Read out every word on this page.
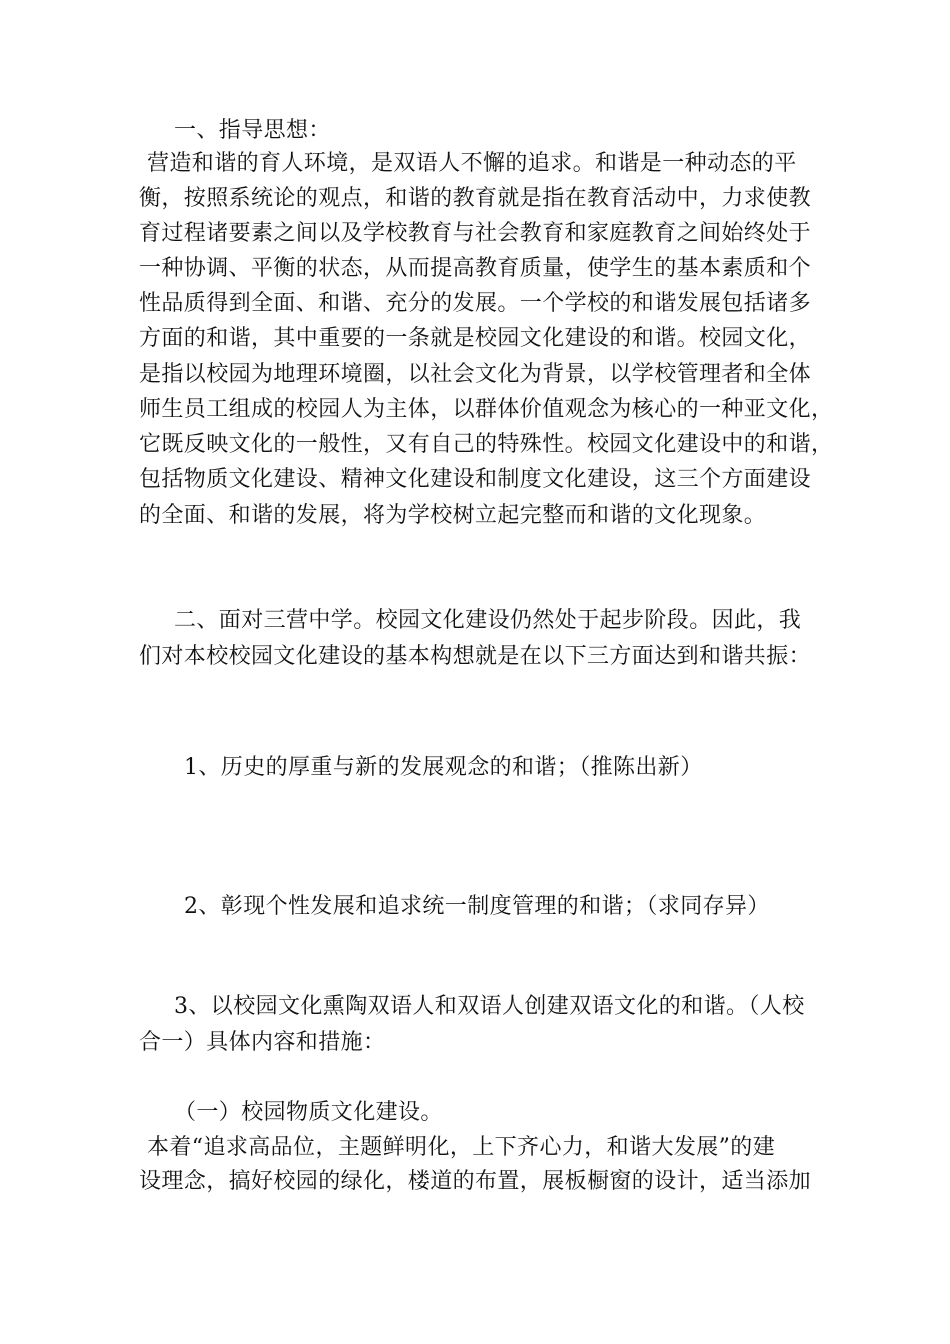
一、指导思想：
营造和谐的育人环境，是双语人不懈的追求。和谐是一种动态的平
衡，按照系统论的观点，和谐的教育就是指在教育活动中，力求使教
育过程诸要素之间以及学校教育与社会教育和家庭教育之间始终处于
一种协调、平衡的状态，从而提高教育质量，使学生的基本素质和个
性品质得到全面、和谐、充分的发展。一个学校的和谐发展包括诸多
方面的和谐，其中重要的一条就是校园文化建设的和谐。校园文化，
是指以校园为地理环境圈，以社会文化为背景，以学校管理者和全体
师生员工组成的校园人为主体，以群体价值观念为核心的一种亚文化，
它既反映文化的一般性，又有自己的特殊性。校园文化建设中的和谐，
包括物质文化建设、精神文化建设和制度文化建设，这三个方面建设
的全面、和谐的发展，将为学校树立起完整而和谐的文化现象。
二、面对三营中学。校园文化建设仍然处于起步阶段。因此，我
们对本校校园文化建设的基本构想就是在以下三方面达到和谐共振：
1、历史的厚重与新的发展观念的和谐；（推陈出新）
2、彰现个性发展和追求统一制度管理的和谐；（求同存异）
3、以校园文化熏陶双语人和双语人创建双语文化的和谐。（人校
合一）具体内容和措施：
（一）校园物质文化建设。
本着“追求高品位，主题鲜明化，上下齐心力，和谐大发展”的建
设理念，搞好校园的绿化，楼道的布置，展板橱窗的设计，适当添加
